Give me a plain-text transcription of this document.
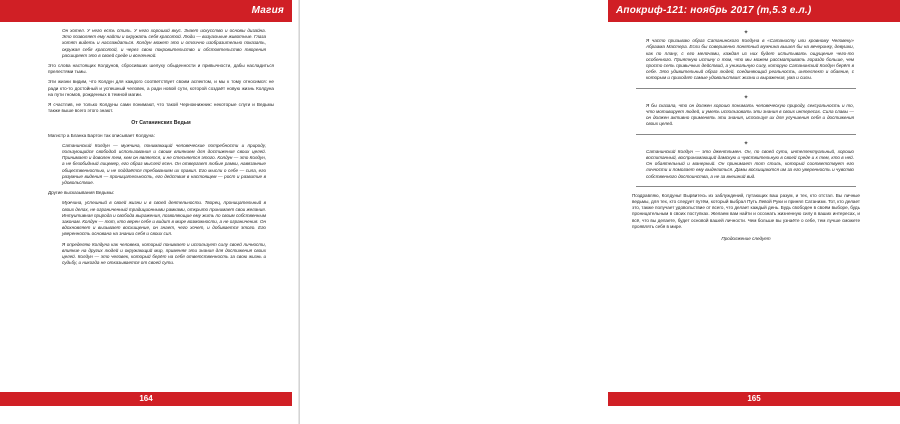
Магия

Он хотел. У него есть стиль. У него хороший вкус. Знает искусство и основы дизайна. Это позволяет ему найти и окружать себя красотой. Люди — визуальные животные. Глаза хотят видеть и наслаждаться. Колдун может это и отлично изобразительно показать, окружая себя красотой, и через свою покровительство и обстоятельство творения расширяет это в своей среде и вселенной.

Это слова настоящих Колдунов, сбросивших шелуху обыденности и привычности, дабы насладиться прелестями тьмы.

Эти жизни видим, что Колдун для каждого соответствует своим аспектом, и мы к тому относимся: не ради кто-то достойный и успешный человек, а ради новой сути, которой создаёт новую жизнь Колдуна на пути гномов, рожденных в темной магии.

Я счастлив, не только Колдуны сами понимают, что такой Чернокнижник: некоторые слуги и Ведьмы также выше всего этого знают.

От Сатанинских Ведьм

Магистр а Бланка Бартон так описывает Колдуна:

Сатанинский Колдун — мужчина, понимающий человеческие потребности и природу, пользующийся свободой использования и своим влиянием для достижения своих целей. Принимает и доволен тем, кем он является, и не стесняется этого. Колдун — это Колдун, а не безобидный лицемер, его образ мыслей ясен. Он отвергает любые рамки, навязанные общественностью, и не поддаётся требованиям их правил. Его мысли о себе — сила, его разумные видения — проницательность, его действия в настоящем — рост и развитие в удовольствие.

Другие высказывания Ведьмы:

Мужчина, успешный в своей жизни и в своей деятельности. Творец, проницательный в своих делах, не ограниченный традиционными рамками, открыто принимает свои желания. Интуитивная природа и свобода выражения, позволяющие ему жить по своим собственным законам. Колдун — тот, кто верен себе и видит в мире возможности, а не ограничения. Он вдохновляет и вызывает восхищение, он знает, чего хочет, и добивается этого. Его уверенность основана на знании себя и своих сил.

Я определяю Колдуна как человека, который понимает и использует силу своей личности, влияние на других людей и окружающий мир, применяя эти знания для достижения своих целей. Колдун — это человек, который берёт на себя ответственность за свою жизнь и судьбу, и никогда не отказывается от своей сути.

164
Апокриф-121: ноябрь 2017 (т,5.3 е.л.)
✦

Я часто призываю образ Сатанинского Колдуна в «Сатанисту или кровному Человеку» Абраама Мастера. Если бы совершенно понятный мужчина вышел бы на вечеринку, девушки, как по плану, с его мелочами, каждая из них будет испытывать ощущение чего-то особенного. Приятную истину о том, что мы можем рассматривать гораздо больше, чем просто сеть привычных действий, а уникальную силу, которую Сатанинский Колдун берёт в себе. Это удивительный образ людей, соединяющий реальность, интеллект и обаяние, с которым и приходят самые удовольствия: жизни и выражения, ума и силы.

✦

Я бы сказала, что он должен хорошо понимать человеческую природу, сексуальность и то, что мотивирует людей, и уметь использовать эти знания в своих интересах. Сила славы — он должен активно применять эти знания, используя их для улучшения себя и достижения своих целей.

✦

Сатанинский Колдун — это джентльмен. Он, по своей сути, интеллектуальный, хорошо воспитанный, воспринимающий дамскую и чувствительную в своей среде и к тем, кто в ней. Он обаятельный и манерный. Он принимает тот стиль, который соответствует его личности и помогает ему выделиться. Дамы восхищаются им за его уверенность и чувство собственного достоинства, а не за внешний вид.

Поздравляю, Колдуны! Вырвитесь из заблуждений, путающих ваш разум, и тех, кто отстал. Вы личные ведьмы, для тех, кто следует путём, который выбрал Путь Левой Руки и принял Сатанизм. Тот, кто делает это, также получает удовольствие от всего, что делает каждый день. Будь свободен в своём выборе, будь проницательным в своих поступках. Желаем вам найти и осознать жизненную силу в ваших интересах, и всё, что вы делаете, будет основой вашей личности. Чем больше вы узнаёте о себе, тем лучше сможете проявлять себя в мире.

Продолжение следует
165
